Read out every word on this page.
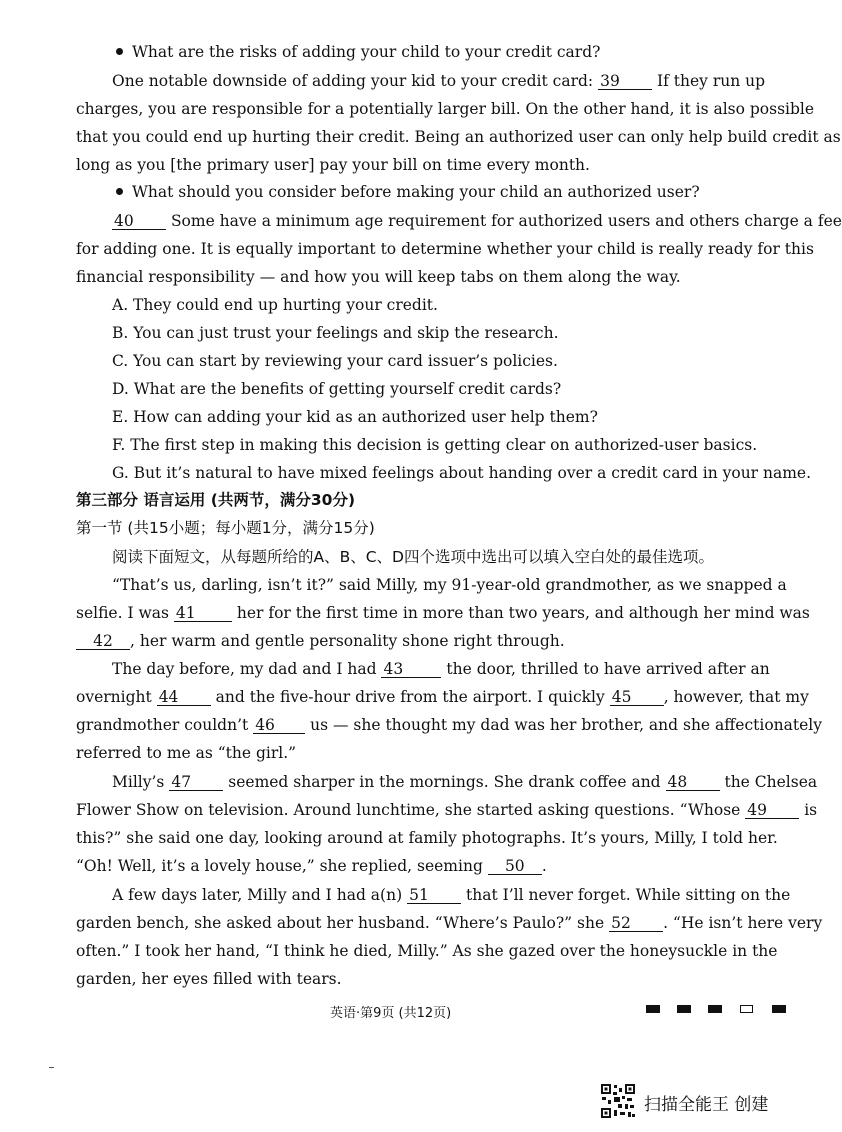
What are the risks of adding your child to your credit card?
One notable downside of adding your kid to your credit card: 39 If they run up
charges, you are responsible for a potentially larger bill. On the other hand, it is also possible
that you could end up hurting their credit. Being an authorized user can only help build credit as
long as you [the primary user] pay your bill on time every month.
What should you consider before making your child an authorized user?
40 Some have a minimum age requirement for authorized users and others charge a fee
for adding one. It is equally important to determine whether your child is really ready for this
financial responsibility — and how you will keep tabs on them along the way.
A. They could end up hurting your credit.
B. You can just trust your feelings and skip the research.
C. You can start by reviewing your card issuer’s policies.
D. What are the benefits of getting yourself credit cards?
E. How can adding your kid as an authorized user help them?
F. The first step in making this decision is getting clear on authorized-user basics.
G. But it’s natural to have mixed feelings about handing over a credit card in your name.
第三部分 语言运用 (共两节，满分30分)
第一节 (共15小题；每小题1分，满分15分)
阅读下面短文，从每题所给的A、B、C、D四个选项中选出可以填入空白处的最佳选项。
“That’s us, darling, isn’t it?” said Milly, my 91-year-old grandmother, as we snapped a
selfie. I was 41	her for the first time in more than two years, and although her mind was
42 , her warm and gentle personality shone right through.
The day before, my dad and I had 43	the door, thrilled to have arrived after an
overnight 44 and the five-hour drive from the airport. I quickly 45 , however, that my
grandmother couldn’t 46 us — she thought my dad was her brother, and she affectionately
referred to me as “the girl.”
Milly’s 47 seemed sharper in the mornings. She drank coffee and 48 the Chelsea
Flower Show on television. Around lunchtime, she started asking questions. “Whose 49 is
this?” she said one day, looking around at family photographs. It’s yours, Milly, I told her.
“Oh! Well, it’s a lovely house,” she replied, seeming 50 .
A few days later, Milly and I had a(n) 51 that I’ll never forget. While sitting on the
garden bench, she asked about her husband. “Where’s Paulo?” she 52 . “He isn’t here very
often.” I took her hand, “I think he died, Milly.” As she gazed over the honeysuckle in the
garden, her eyes filled with tears.
英语·第9页 (共12页)
扫描全能王 创建
